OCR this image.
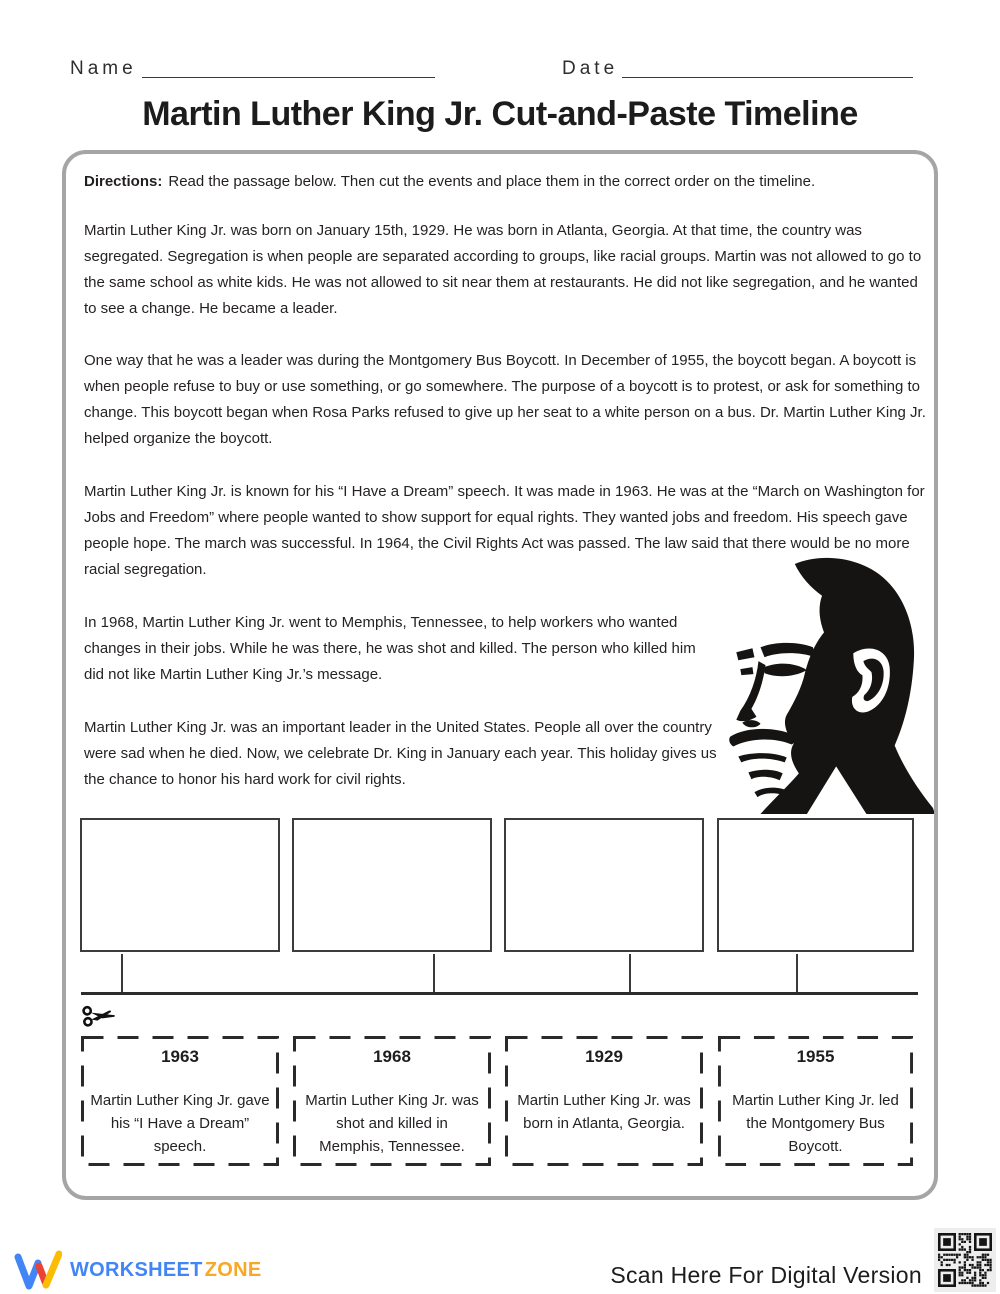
Name	Date
Martin Luther King Jr. Cut-and-Paste Timeline

Directions: Read the passage below. Then cut the events and place them in the correct order on the timeline.

Martin Luther King Jr. was born on January 15th, 1929. He was born in Atlanta, Georgia. At that time, the country was segregated. Segregation is when people are separated according to groups, like racial groups. Martin was not allowed to go to the same school as white kids. He was not allowed to sit near them at restaurants. He did not like segregation, and he wanted to see a change. He became a leader.

One way that he was a leader was during the Montgomery Bus Boycott. In December of 1955, the boycott began. A boycott is when people refuse to buy or use something, or go somewhere. The purpose of a boycott is to protest, or ask for something to change. This boycott began when Rosa Parks refused to give up her seat to a white person on a bus. Dr. Martin Luther King Jr. helped organize the boycott.

Martin Luther King Jr. is known for his “I Have a Dream” speech. It was made in 1963. He was at the “March on Washington for Jobs and Freedom” where people wanted to show support for equal rights. They wanted jobs and freedom. His speech gave people hope. The march was successful. In 1964, the Civil Rights Act was passed. The law said that there would be no more racial segregation.

In 1968, Martin Luther King Jr. went to Memphis, Tennessee, to help workers who wanted changes in their jobs. While he was there, he was shot and killed. The person who killed him did not like Martin Luther King Jr.’s message.

Martin Luther King Jr. was an important leader in the United States. People all over the country were sad when he died. Now, we celebrate Dr. King in January each year. This holiday gives us the chance to honor his hard work for civil rights.

1963
Martin Luther King Jr. gave his “I Have a Dream” speech.
1968
Martin Luther King Jr. was shot and killed in Memphis, Tennessee.
1929
Martin Luther King Jr. was born in Atlanta, Georgia.
1955
Martin Luther King Jr. led the Montgomery Bus Boycott.
WORKSHEET ZONE	Scan Here For Digital Version
